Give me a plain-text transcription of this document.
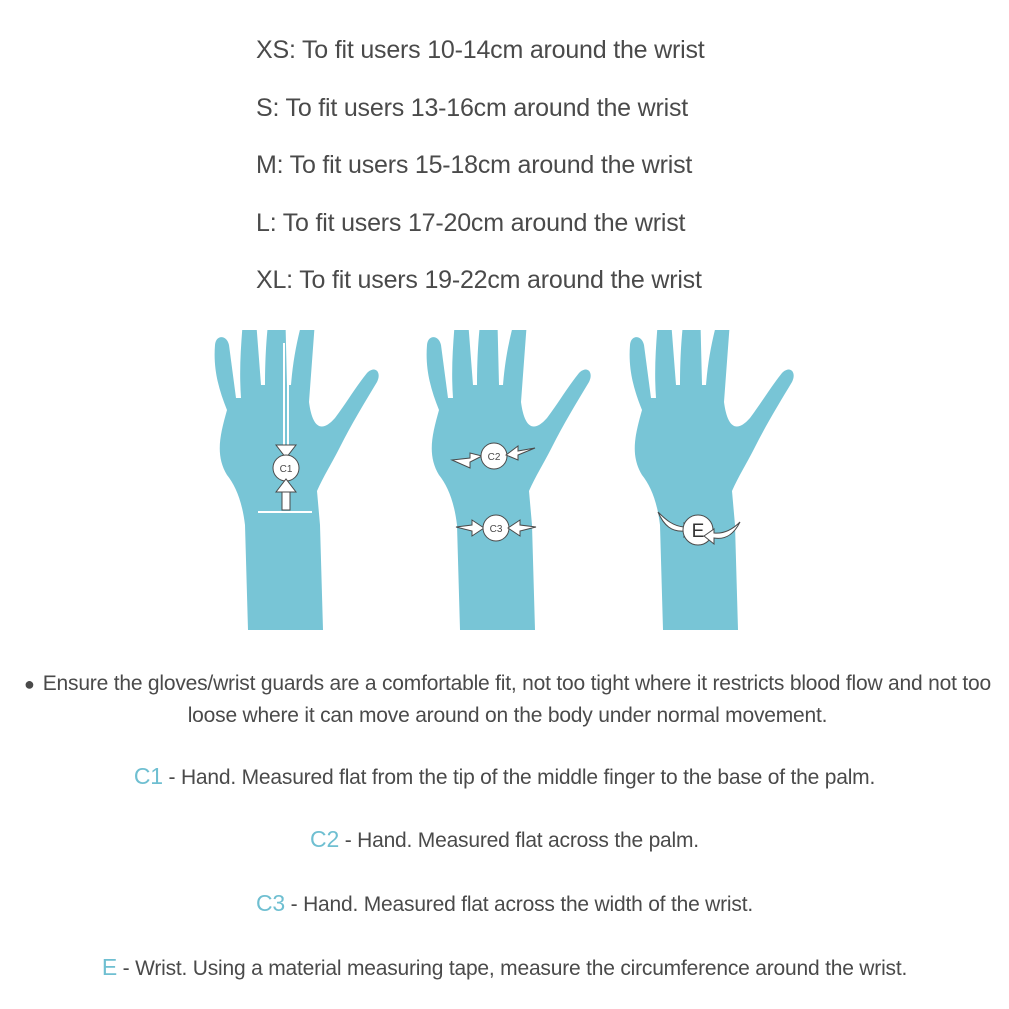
XS: To fit users 10-14cm around the wrist
S: To fit users 13-16cm around the wrist
M: To fit users 15-18cm around the wrist
L: To fit users 17-20cm around the wrist
XL: To fit users 19-22cm around the wrist
C1
C2
C3	E
● Ensure the gloves/wrist guards are a comfortable fit, not too tight where it restricts blood flow and not too loose where it can move around on the body under normal movement.
C1 - Hand. Measured flat from the tip of the middle finger to the base of the palm.
C2 - Hand. Measured flat across the palm.
C3 - Hand. Measured flat across the width of the wrist.
E - Wrist. Using a material measuring tape, measure the circumference around the wrist.
